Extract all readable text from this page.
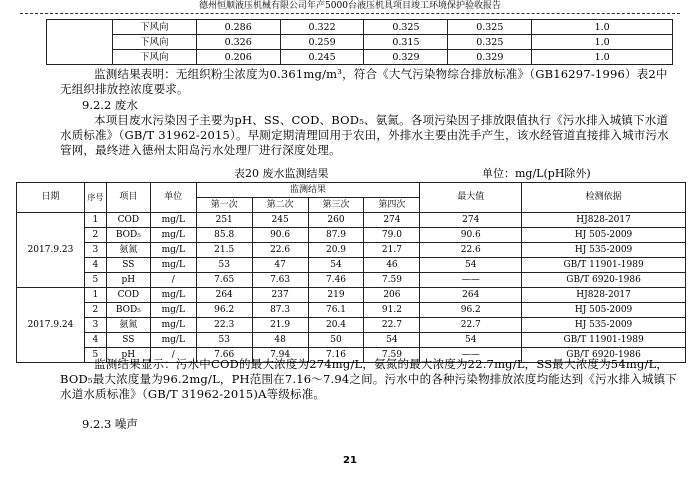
德州恒顺液压机械有限公司年产5000台液压机具项目竣工环境保护验收报告
	下风向	0.286	0.322	0.325	0.325	1.0
	下风向	0.326	0.259	0.315	0.325	1.0
	下风向	0.206	0.245	0.329	0.329	1.0

监测结果表明：无组织粉尘浓度为0.361mg/m³，符合《大气污染物综合排放标准》（GB16297-1996）表2中无组织排放控浓度要求。

9.2.2 废水

本项目废水污染因子主要为pH、SS、COD、BOD₅、氨氮。各项污染因子排放限值执行《污水排入城镇下水道水质标准》（GB/T 31962-2015）。早厕定期清理回用于农田，外排水主要由洗手产生，该水经管道直接排入城市污水管网，最终进入德州太阳岛污水处理厂进行深度处理。

表20 废水监测结果	单位：mg/L(pH除外)
日期	序号	项目	单位	监测结果				最大值	检测依据
				第一次	第二次	第三次	第四次		
2017.9.23	1	COD	mg/L	251	245	260	274	274	HJ828-2017
	2	BOD₅	mg/L	85.8	90.6	87.9	79.0	90.6	HJ 505-2009
	3	氨氮	mg/L	21.5	22.6	20.9	21.7	22.6	HJ 535-2009
	4	SS	mg/L	53	47	54	46	54	GB/T 11901-1989
	5	pH	/	7.65	7.63	7.46	7.59	——	GB/T 6920-1986
2017.9.24	1	COD	mg/L	264	237	219	206	264	HJ828-2017
	2	BOD₅	mg/L	96.2	87.3	76.1	91.2	96.2	HJ 505-2009
	3	氨氮	mg/L	22.3	21.9	20.4	22.7	22.7	HJ 535-2009
	4	SS	mg/L	53	48	50	54	54	GB/T 11901-1989
	5	pH	/	7.66	7.94	7.16	7.59	——	GB/T 6920-1986

监测结果显示：污水中COD的最大浓度为274mg/L，氨氮的最大浓度为22.7mg/L，SS最大浓度为54mg/L，BOD₅最大浓度量为96.2mg/L，PH范围在7.16～7.94之间。污水中的各种污染物排放浓度均能达到《污水排入城镇下水道水质标准》（GB/T 31962-2015)A等级标准。

9.2.3 噪声
21
